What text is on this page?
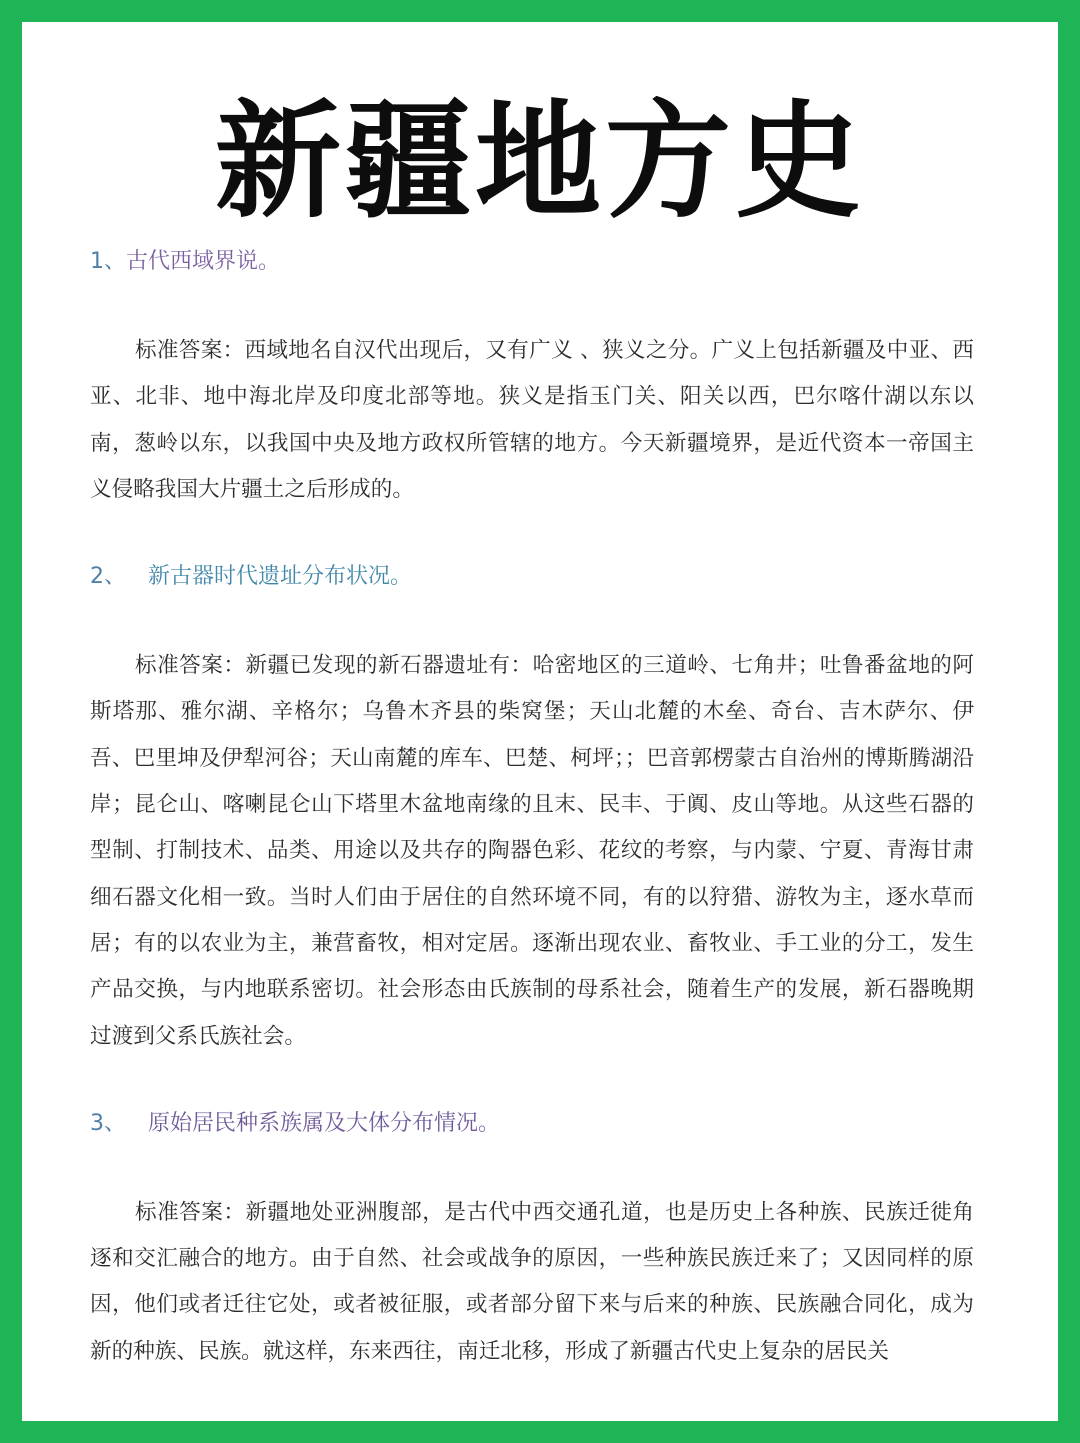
新疆地方史
1、古代西域界说。

标准答案：西域地名自汉代出现后，又有广义 、狭义之分。广义上包括新疆及中亚、西亚、北非、地中海北岸及印度北部等地。狭义是指玉门关、阳关以西，巴尔喀什湖以东以南，葱岭以东，以我国中央及地方政权所管辖的地方。今天新疆境界，是近代资本一帝国主义侵略我国大片疆土之后形成的。

2、 新古器时代遗址分布状况。

标准答案：新疆已发现的新石器遗址有：哈密地区的三道岭、七角井；吐鲁番盆地的阿斯塔那、雅尔湖、辛格尔；乌鲁木齐县的柴窝堡；天山北麓的木垒、奇台、吉木萨尔、伊吾、巴里坤及伊犁河谷；天山南麓的库车、巴楚、柯坪；；巴音郭楞蒙古自治州的博斯腾湖沿岸；昆仑山、喀喇昆仑山下塔里木盆地南缘的且末、民丰、于阗、皮山等地。从这些石器的型制、打制技术、品类、用途以及共存的陶器色彩、花纹的考察，与内蒙、宁夏、青海甘肃细石器文化相一致。当时人们由于居住的自然环境不同，有的以狩猎、游牧为主，逐水草而居；有的以农业为主，兼营畜牧，相对定居。逐渐出现农业、畜牧业、手工业的分工，发生产品交换，与内地联系密切。社会形态由氏族制的母系社会，随着生产的发展，新石器晚期过渡到父系氏族社会。

3、 原始居民种系族属及大体分布情况。

标准答案：新疆地处亚洲腹部，是古代中西交通孔道，也是历史上各种族、民族迁徙角逐和交汇融合的地方。由于自然、社会或战争的原因，一些种族民族迁来了；又因同样的原因，他们或者迁往它处，或者被征服，或者部分留下来与后来的种族、民族融合同化，成为新的种族、民族。就这样，东来西往，南迁北移，形成了新疆古代史上复杂的居民关
